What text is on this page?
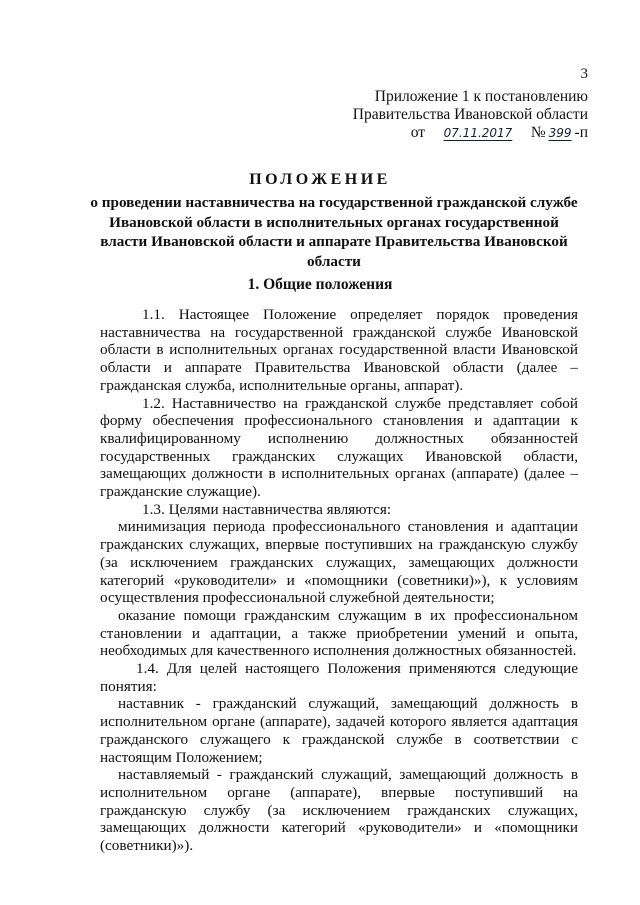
3
Приложение 1 к постановлению
Правительства Ивановской области
от 07.11.2017 № 399 -п
ПОЛОЖЕНИЕ
о проведении наставничества на государственной гражданской службе Ивановской области в исполнительных органах государственной власти Ивановской области и аппарате Правительства Ивановской области
1. Общие положения

1.1. Настоящее Положение определяет порядок проведения наставничества на государственной гражданской службе Ивановской области в исполнительных органах государственной власти Ивановской области и аппарате Правительства Ивановской области (далее – гражданская служба, исполнительные органы, аппарат).

1.2. Наставничество на гражданской службе представляет собой форму обеспечения профессионального становления и адаптации к квалифицированному исполнению должностных обязанностей государственных гражданских служащих Ивановской области, замещающих должности в исполнительных органах (аппарате) (далее – гражданские служащие).

1.3. Целями наставничества являются:

минимизация периода профессионального становления и адаптации гражданских служащих, впервые поступивших на гражданскую службу (за исключением гражданских служащих, замещающих должности категорий «руководители» и «помощники (советники)»), к условиям осуществления профессиональной служебной деятельности;

оказание помощи гражданским служащим в их профессиональном становлении и адаптации, а также приобретении умений и опыта, необходимых для качественного исполнения должностных обязанностей.

1.4. Для целей настоящего Положения применяются следующие понятия:

наставник - гражданский служащий, замещающий должность в исполнительном органе (аппарате), задачей которого является адаптация гражданского служащего к гражданской службе в соответствии с настоящим Положением;

наставляемый - гражданский служащий, замещающий должность в исполнительном органе (аппарате), впервые поступивший на гражданскую службу (за исключением гражданских служащих, замещающих должности категорий «руководители» и «помощники (советники)»).
